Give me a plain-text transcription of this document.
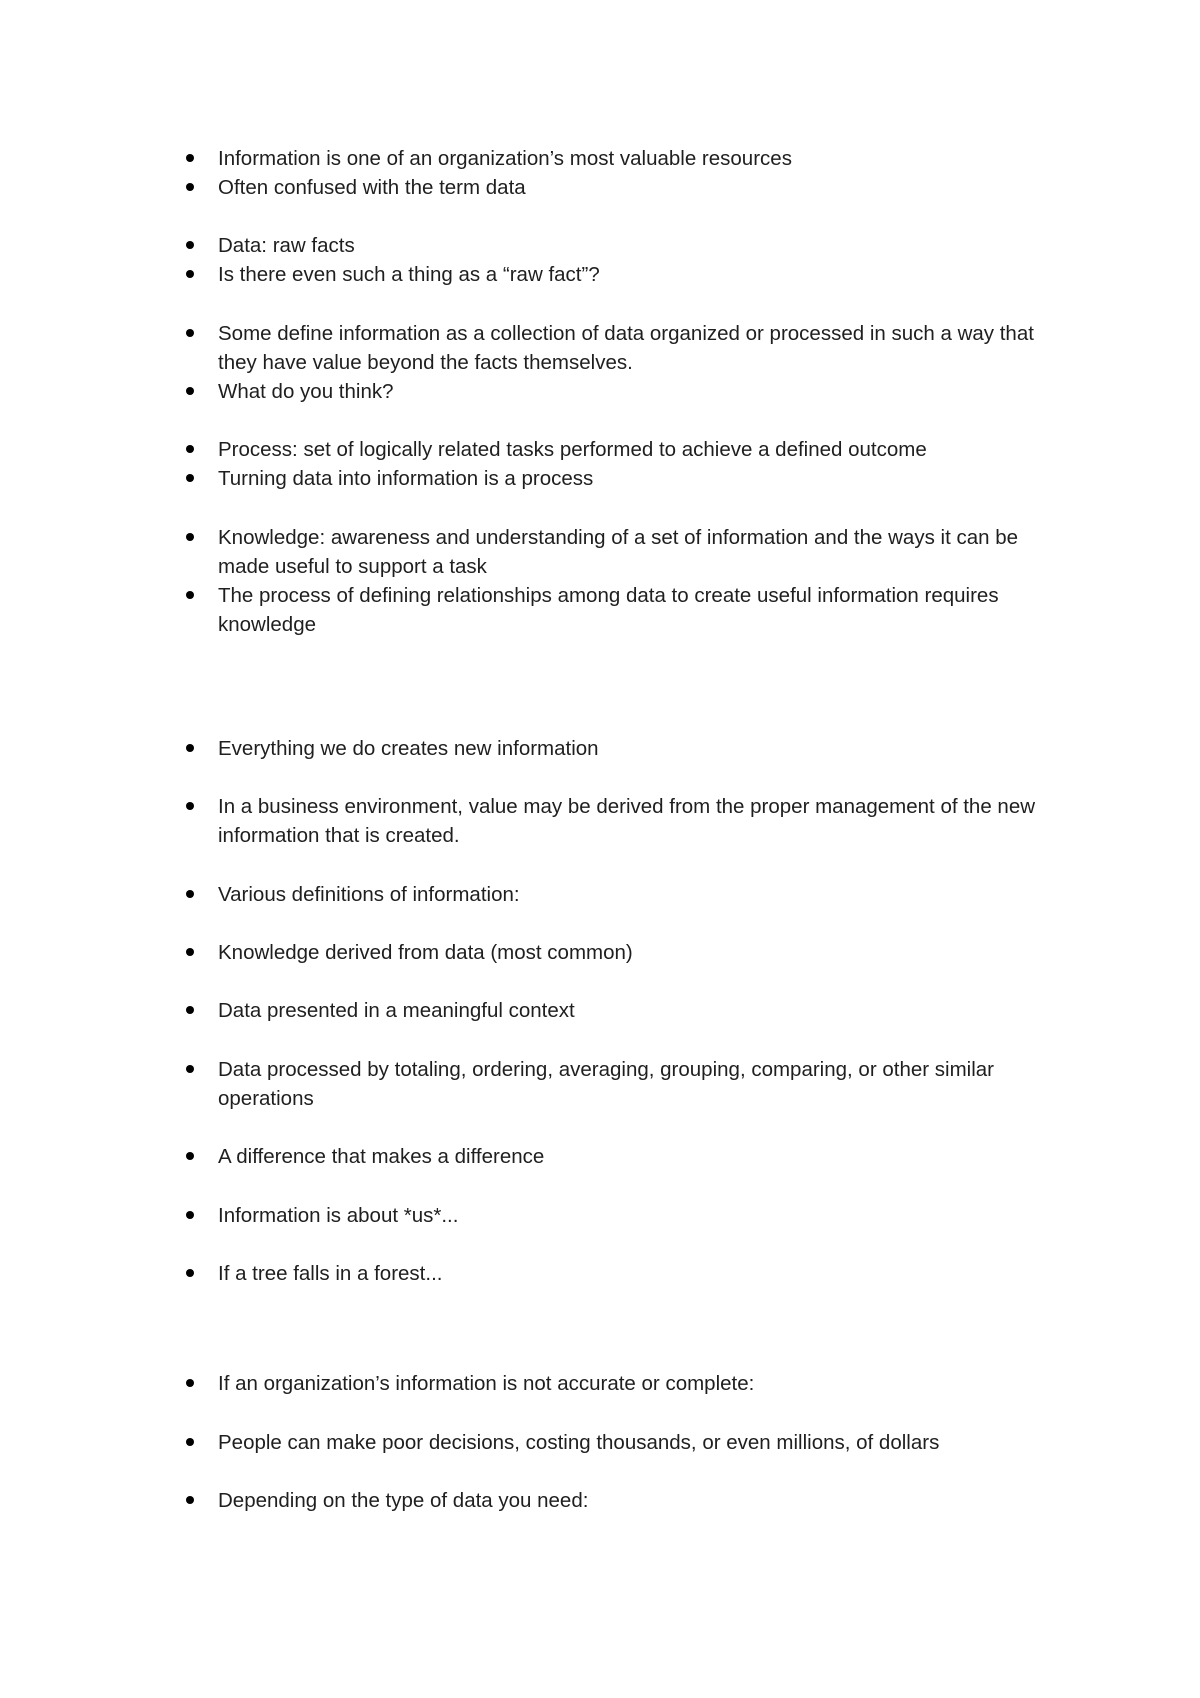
Information is one of an organization’s most valuable resources
Often confused with the term data
Data: raw facts
Is there even such a thing as a “raw fact”?
Some define information as a collection of data organized or processed in such a way that they have value beyond the facts themselves.
What do you think?
Process: set of logically related tasks performed to achieve a defined outcome
Turning data into information is a process
Knowledge: awareness and understanding of a set of information and the ways it can be made useful to support a task
The process of defining relationships among data to create useful information requires knowledge
Everything we do creates new information
In a business environment, value may be derived from the proper management of the new information that is created.
Various definitions of information:
Knowledge derived from data (most common)
Data presented in a meaningful context
Data processed by totaling, ordering, averaging, grouping, comparing, or other similar operations
A difference that makes a difference
Information is about *us*...
If a tree falls in a forest...
If an organization’s information is not accurate or complete:
People can make poor decisions, costing thousands, or even millions, of dollars
Depending on the type of data you need:
